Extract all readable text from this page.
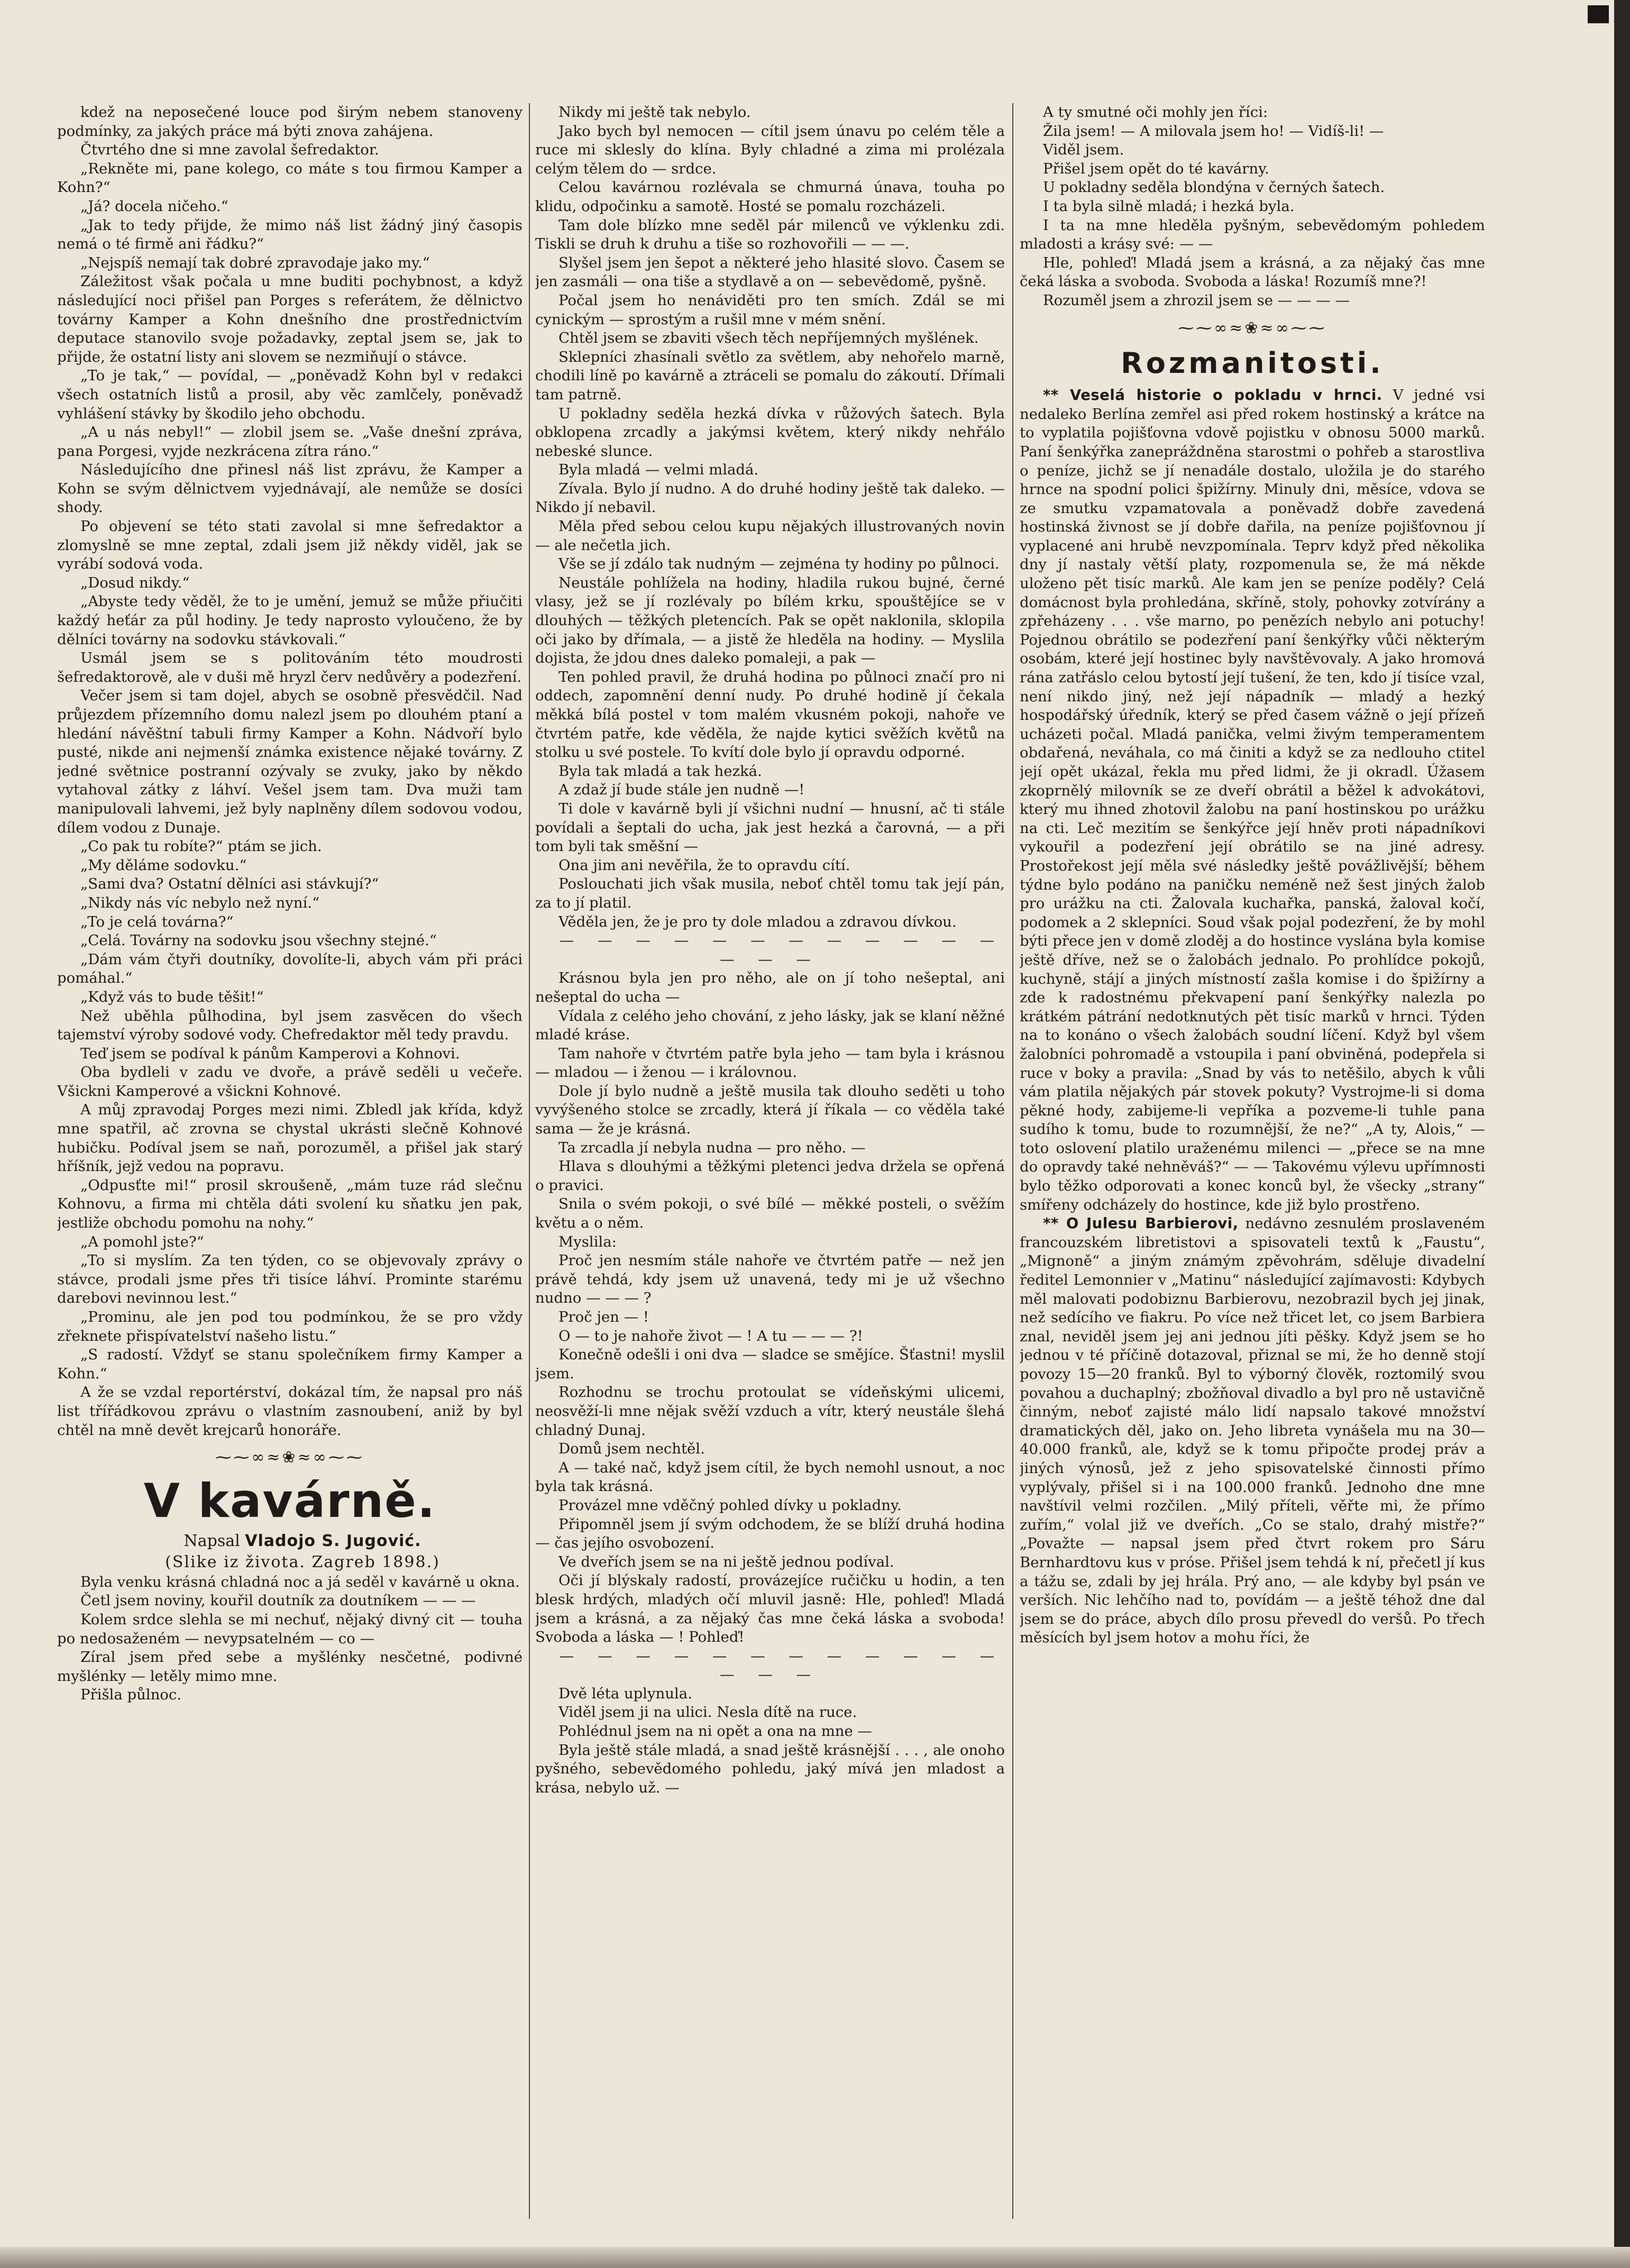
kdež na neposečené louce pod širým nebem stanoveny podmínky, za jakých práce má býti znova zahájena.

Čtvrtého dne si mne zavolal šefredaktor.

„Rekněte mi, pane kolego, co máte s tou firmou Kamper a Kohn?“

„Já? docela ničeho.“

„Jak to tedy přijde, že mimo náš list žádný jiný časopis nemá o té firmě ani řádku?“

„Nejspíš nemají tak dobré zpravodaje jako my.“

Záležitost však počala u mne buditi pochybnost, a když následující noci přišel pan Porges s referátem, že dělnictvo továrny Kamper a Kohn dnešního dne prostřednictvím deputace stanovilo svoje požadavky, zeptal jsem se, jak to přijde, že ostatní listy ani slovem se nezmiňují o stávce.

„To je tak,“ — povídal, — „poněvadž Kohn byl v redakci všech ostatních listů a prosil, aby věc zamlčely, poněvadž vyhlášení stávky by škodilo jeho obchodu.

„A u nás nebyl!“ — zlobil jsem se. „Vaše dnešní zpráva, pana Porgesi, vyjde nezkrácena zítra ráno.“

Následujícího dne přinesl náš list zprávu, že Kamper a Kohn se svým dělnictvem vyjednávají, ale nemůže se dosíci shody.

Po objevení se této stati zavolal si mne šefredaktor a zlomyslně se mne zeptal, zdali jsem již někdy viděl, jak se vyrábí sodová voda.

„Dosud nikdy.“

„Abyste tedy věděl, že to je umění, jemuž se může přiučiti každý heťár za půl hodiny. Je tedy naprosto vyloučeno, že by dělníci továrny na sodovku stávkovali.“

Usmál jsem se s politováním této moudrosti šefredaktorově, ale v duši mě hryzl červ nedůvěry a podezření.

Večer jsem si tam dojel, abych se osobně přesvědčil. Nad průjezdem přízemního domu nalezl jsem po dlouhém ptaní a hledání návěštní tabuli firmy Kamper a Kohn. Nádvoří bylo pusté, nikde ani nejmenší známka existence nějaké továrny. Z jedné světnice postranní ozývaly se zvuky, jako by někdo vytahoval zátky z láhví. Vešel jsem tam. Dva muži tam manipulovali lahvemi, jež byly naplněny dílem sodovou vodou, dílem vodou z Dunaje.

„Co pak tu robíte?“ ptám se jich.

„My děláme sodovku.“

„Sami dva? Ostatní dělníci asi stávkují?“

„Nikdy nás víc nebylo než nyní.“

„To je celá továrna?“

„Celá. Továrny na sodovku jsou všechny stejné.“

„Dám vám čtyři doutníky, dovolíte-li, abych vám při práci pomáhal.“

„Když vás to bude těšit!“

Než uběhla půlhodina, byl jsem zasvěcen do všech tajemství výroby sodové vody. Chefredaktor měl tedy pravdu.

Teď jsem se podíval k pánům Kamperovi a Kohnovi.

Oba bydleli v zadu ve dvoře, a právě seděli u večeře. Všickni Kamperové a všickni Kohnové.

A můj zpravodaj Porges mezi nimi. Zbledl jak křída, když mne spatřil, ač zrovna se chystal ukrásti slečně Kohnové hubičku. Podíval jsem se naň, porozuměl, a přišel jak starý hříšník, jejž vedou na popravu.

„Odpusťte mi!“ prosil skroušeně, „mám tuze rád slečnu Kohnovu, a firma mi chtěla dáti svolení ku sňatku jen pak, jestliže obchodu pomohu na nohy.“

„A pomohl jste?“

„To si myslím. Za ten týden, co se objevovaly zprávy o stávce, prodali jsme přes tři tisíce láhví. Prominte starému darebovi nevinnou lest.“

„Prominu, ale jen pod tou podmínkou, že se pro vždy zřeknete přispívatelství našeho listu.“

„S radostí. Vždyť se stanu společníkem firmy Kamper a Kohn.“

A že se vzdal reportérství, dokázal tím, že napsal pro náš list třířádkovou zprávu o vlastním zasnoubení, aniž by byl chtěl na mně devět krejcarů honoráře.

⁓⁓∞≈❀≈∞⁓⁓
V kavárně.

Napsal Vladojo S. Jugović.

(Slike iz života. Zagreb 1898.)

Byla venku krásná chladná noc a já seděl v kavárně u okna.

Četl jsem noviny, kouřil doutník za doutníkem — — —

Kolem srdce slehla se mi nechuť, nějaký divný cit — touha po nedosaženém — nevypsatelném — co —

Zíral jsem před sebe a myšlénky nesčetné, podivné myšlénky — letěly mimo mne.

Přišla půlnoc.

Nikdy mi ještě tak nebylo.

Jako bych byl nemocen — cítil jsem únavu po celém těle a ruce mi sklesly do klína. Byly chladné a zima mi prolézala celým tělem do — srdce.

Celou kavárnou rozlévala se chmurná únava, touha po klidu, odpočinku a samotě. Hosté se pomalu rozcházeli.

Tam dole blízko mne seděl pár milenců ve výklenku zdi. Tiskli se druh k druhu a tiše so rozhovořili — — —.

Slyšel jsem jen šepot a některé jeho hlasité slovo. Časem se jen zasmáli — ona tiše a stydlavě a on — sebevědomě, pyšně.

Počal jsem ho nenáviděti pro ten smích. Zdál se mi cynickým — sprostým a rušil mne v mém snění.

Chtěl jsem se zbaviti všech těch nepříjemných myšlének.

Sklepníci zhasínali světlo za světlem, aby nehořelo marně, chodili líně po kavárně a ztráceli se pomalu do zákoutí. Dřímali tam patrně.

U pokladny seděla hezká dívka v růžových šatech. Byla obklopena zrcadly a jakýmsi květem, který nikdy nehřálo nebeské slunce.

Byla mladá — velmi mladá.

Zívala. Bylo jí nudno. A do druhé hodiny ještě tak daleko. — Nikdo jí nebavil.

Měla před sebou celou kupu nějakých illustrovaných novin — ale nečetla jich.

Vše se jí zdálo tak nudným — zejména ty hodiny po půlnoci.

Neustále pohlížela na hodiny, hladila rukou bujné, černé vlasy, jež se jí rozlévaly po bílém krku, spouštějíce se v dlouhých — těžkých pletencích. Pak se opět naklonila, sklopila oči jako by dřímala, — a jistě že hleděla na hodiny. — Myslila dojista, že jdou dnes daleko pomaleji, a pak —

Ten pohled pravil, že druhá hodina po půlnoci značí pro ni oddech, zapomnění denní nudy. Po druhé hodině jí čekala měkká bílá postel v tom malém vkusném pokoji, nahoře ve čtvrtém patře, kde věděla, že najde kytici svěžích květů na stolku u své postele. To kvítí dole bylo jí opravdu odporné.

Byla tak mladá a tak hezká.

A zdaž jí bude stále jen nudně —!

Ti dole v kavárně byli jí všichni nudní — hnusní, ač ti stále povídali a šeptali do ucha, jak jest hezká a čarovná, — a při tom byli tak směšní —

Ona jim ani nevěřila, že to opravdu cítí.

Poslouchati jich však musila, neboť chtěl tomu tak její pán, za to jí platil.

Věděla jen, že je pro ty dole mladou a zdravou dívkou.

— — — — — — — — — — — — — — —

Krásnou byla jen pro něho, ale on jí toho nešeptal, ani nešeptal do ucha —

Vídala z celého jeho chování, z jeho lásky, jak se klaní něžné mladé kráse.

Tam nahoře v čtvrtém patře byla jeho — tam byla i krásnou — mladou — i ženou — i královnou.

Dole jí bylo nudně a ještě musila tak dlouho seděti u toho vyvýšeného stolce se zrcadly, která jí říkala — co věděla také sama — že je krásná.

Ta zrcadla jí nebyla nudna — pro něho. —

Hlava s dlouhými a těžkými pletenci jedva držela se opřená o pravici.

Snila o svém pokoji, o své bílé — měkké posteli, o svěžím květu a o něm.

Myslila:

Proč jen nesmím stále nahoře ve čtvrtém patře — než jen právě tehdá, kdy jsem už unavená, tedy mi je už všechno nudno — — — ?

Proč jen — !

O — to je nahoře život — ! A tu — — — ?!

Konečně odešli i oni dva — sladce se smějíce. Šťastni! myslil jsem.

Rozhodnu se trochu protoulat se vídeňskými ulicemi, neosvěží-li mne nějak svěží vzduch a vítr, který neustále šlehá chladný Dunaj.

Domů jsem nechtěl.

A — také nač, když jsem cítil, že bych nemohl usnout, a noc byla tak krásná.

Provázel mne vděčný pohled dívky u pokladny.

Připomněl jsem jí svým odchodem, že se blíží druhá hodina — čas jejího osvobození.

Ve dveřích jsem se na ni ještě jednou podíval.

Oči jí blýskaly radostí, provázejíce ručičku u hodin, a ten blesk hrdých, mladých očí mluvil jasně: Hle, pohleď! Mladá jsem a krásná, a za nějaký čas mne čeká láska a svoboda! Svoboda a láska — ! Pohleď!

— — — — — — — — — — — — — — —

Dvě léta uplynula.

Viděl jsem ji na ulici. Nesla dítě na ruce.

Pohlédnul jsem na ni opět a ona na mne —

Byla ještě stále mladá, a snad ještě krásnější . . . , ale onoho pyšného, sebevědomého pohledu, jaký mívá jen mladost a krása, nebylo už. —

A ty smutné oči mohly jen říci:

Žila jsem! — A milovala jsem ho! — Vidíš-li! —

Viděl jsem.

Přišel jsem opět do té kavárny.

U pokladny seděla blondýna v černých šatech.

I ta byla silně mladá; i hezká byla.

I ta na mne hleděla pyšným, sebevědomým pohledem mladosti a krásy své: — —

Hle, pohleď! Mladá jsem a krásná, a za nějaký čas mne čeká láska a svoboda. Svoboda a láska! Rozumíš mne?!

Rozuměl jsem a zhrozil jsem se — — — —

⁓⁓∞≈❀≈∞⁓⁓
Rozmanitosti.

** Veselá historie o pokladu v hrnci. V jedné vsi nedaleko Berlína zemřel asi před rokem hostinský a krátce na to vyplatila pojišťovna vdově pojistku v obnosu 5000 marků. Paní šenkýřka zanepráždněna starostmi o pohřeb a starostliva o peníze, jichž se jí nenadále dostalo, uložila je do starého hrnce na spodní polici špižírny. Minuly dni, měsíce, vdova se ze smutku vzpamatovala a poněvadž dobře zavedená hostinská živnost se jí dobře dařila, na peníze pojišťovnou jí vyplacené ani hrubě nevzpomínala. Teprv když před několika dny jí nastaly větší platy, rozpomenula se, že má někde uloženo pět tisíc marků. Ale kam jen se peníze poděly? Celá domácnost byla prohledána, skříně, stoly, pohovky zotvírány a zpřeházeny . . . vše marno, po penězích nebylo ani potuchy! Pojednou obrátilo se podezření paní šenkýřky vůči některým osobám, které její hostinec byly navštěvovaly. A jako hromová rána zatřáslo celou bytostí její tušení, že ten, kdo jí tisíce vzal, není nikdo jiný, než její nápadník — mladý a hezký hospodářský úředník, který se před časem vážně o její přízeň ucházeti počal. Mladá panička, velmi živým temperamentem obdařená, neváhala, co má činiti a když se za nedlouho ctitel její opět ukázal, řekla mu před lidmi, že ji okradl. Úžasem zkoprnělý milovník se ze dveří obrátil a běžel k advokátovi, který mu ihned zhotovil žalobu na paní hostinskou po urážku na cti. Leč mezitím se šenkýřce její hněv proti nápadníkovi vykouřil a podezření její obrátilo se na jiné adresy. Prostořekost její měla své následky ještě povážlivější; během týdne bylo podáno na paničku neméně než šest jiných žalob pro urážku na cti. Žalovala kuchařka, panská, žaloval kočí, podomek a 2 sklepníci. Soud však pojal podezření, že by mohl býti přece jen v domě zloděj a do hostince vyslána byla komise ještě dříve, než se o žalobách jednalo. Po prohlídce pokojů, kuchyně, stájí a jiných místností zašla komise i do špižírny a zde k radostnému překvapení paní šenkýřky nalezla po krátkém pátrání nedotknutých pět tisíc marků v hrnci. Týden na to konáno o všech žalobách soudní líčení. Když byl všem žalobníci pohromadě a vstoupila i paní obviněná, podepřela si ruce v boky a pravila: „Snad by vás to netěšilo, abych k vůli vám platila nějakých pár stovek pokuty? Vystrojme-li si doma pěkné hody, zabijeme-li vepříka a pozveme-li tuhle pana sudího k tomu, bude to rozumnější, že ne?“ „A ty, Alois,“ — toto oslovení platilo uraženému milenci — „přece se na mne do opravdy také nehněváš?“ — — Takovému výlevu upřímnosti bylo těžko odporovati a konec konců byl, že všecky „strany“ smířeny odcházely do hostince, kde již bylo prostřeno.

** O Julesu Barbierovi, nedávno zesnulém proslaveném francouzském libretistovi a spisovateli textů k „Faustu“, „Mignoně“ a jiným známým zpěvohrám, sděluje divadelní ředitel Lemonnier v „Matinu“ následující zajímavosti: Kdybych měl malovati podobiznu Barbierovu, nezobrazil bych jej jinak, než sedícího ve fiakru. Po více než třicet let, co jsem Barbiera znal, neviděl jsem jej ani jednou jíti pěšky. Když jsem se ho jednou v té příčině dotazoval, přiznal se mi, že ho denně stojí povozy 15—20 franků. Byl to výborný člověk, roztomilý svou povahou a duchaplný; zbožňoval divadlo a byl pro ně ustavičně činným, neboť zajisté málo lidí napsalo takové množství dramatických děl, jako on. Jeho libreta vynášela mu na 30—40.000 franků, ale, když se k tomu připočte prodej práv a jiných výnosů, jež z jeho spisovatelské činnosti přímo vyplývaly, přišel si i na 100.000 franků. Jednoho dne mne navštívil velmi rozčilen. „Milý příteli, věřte mi, že přímo zuřím,“ volal již ve dveřích. „Co se stalo, drahý mistře?“ „Považte — napsal jsem před čtvrt rokem pro Sáru Bernhardtovu kus v próse. Přišel jsem tehdá k ní, přečetl jí kus a tážu se, zdali by jej hrála. Prý ano, — ale kdyby byl psán ve verších. Nic lehčího nad to, povídám — a ještě téhož dne dal jsem se do práce, abych dílo prosu převedl do veršů. Po třech měsících byl jsem hotov a mohu říci, že
